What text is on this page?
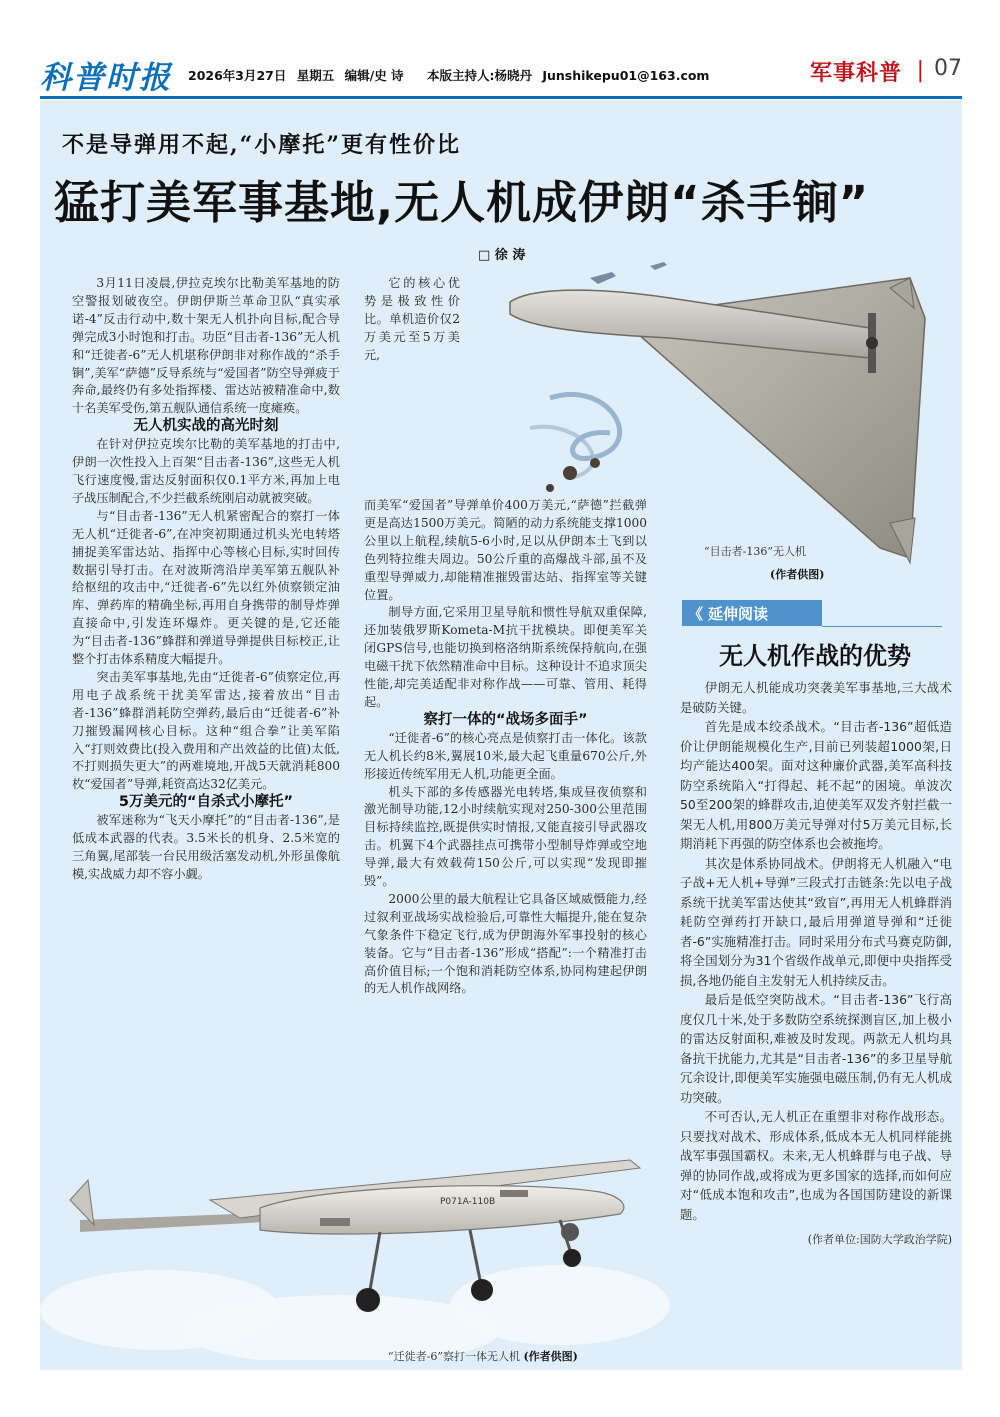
科普时报 2026年3月27日 星期五 编辑/史 诗 本版主持人:杨晓丹 Junshikepu01@163.com	军事科普 | 07
不是导弹用不起,“小摩托”更有性价比
猛打美军事基地,无人机成伊朗“杀手锏”
□ 徐 涛

3月11日凌晨,伊拉克埃尔比勒美军基地的防空警报划破夜空。伊朗伊斯兰革命卫队“真实承诺-4”反击行动中,数十架无人机扑向目标,配合导弹完成3小时饱和打击。功臣“目击者-136”无人机和“迁徙者-6”无人机堪称伊朗非对称作战的“杀手锏”,美军“萨德”反导系统与“爱国者”防空导弹疲于奔命,最终仍有多处指挥楼、雷达站被精准命中,数十名美军受伤,第五舰队通信系统一度瘫痪。

无人机实战的高光时刻

在针对伊拉克埃尔比勒的美军基地的打击中,伊朗一次性投入上百架“目击者-136”,这些无人机飞行速度慢,雷达反射面积仅0.1平方米,再加上电子战压制配合,不少拦截系统刚启动就被突破。

与“目击者-136”无人机紧密配合的察打一体无人机“迁徙者-6”,在冲突初期通过机头光电转塔捕捉美军雷达站、指挥中心等核心目标,实时回传数据引导打击。在对波斯湾沿岸美军第五舰队补给枢纽的攻击中,“迁徙者-6”先以红外侦察锁定油库、弹药库的精确坐标,再用自身携带的制导炸弹直接命中,引发连环爆炸。更关键的是,它还能为“目击者-136”蜂群和弹道导弹提供目标校正,让整个打击体系精度大幅提升。

突击美军事基地,先由“迁徙者-6”侦察定位,再用电子战系统干扰美军雷达,接着放出“目击者-136”蜂群消耗防空弹药,最后由“迁徙者-6”补刀摧毁漏网核心目标。这种“组合拳”让美军陷入“打则效费比(投入费用和产出效益的比值)太低,不打则损失更大”的两难境地,开战5天就消耗800枚“爱国者”导弹,耗资高达32亿美元。

5万美元的“自杀式小摩托”

被军迷称为“飞天小摩托”的“目击者-136”,是低成本武器的代表。3.5米长的机身、2.5米宽的三角翼,尾部装一台民用级活塞发动机,外形虽像航模,实战威力却不容小觑。

它的核心优势是极致性价比。单机造价仅2万美元至5万美元,

而美军“爱国者”导弹单价400万美元,“萨德”拦截弹更是高达1500万美元。简陋的动力系统能支撑1000公里以上航程,续航5-6小时,足以从伊朗本土飞到以色列特拉维夫周边。50公斤重的高爆战斗部,虽不及重型导弹威力,却能精准摧毁雷达站、指挥室等关键位置。

制导方面,它采用卫星导航和惯性导航双重保障,还加装俄罗斯Kometa-M抗干扰模块。即便美军关闭GPS信号,也能切换到格洛纳斯系统保持航向,在强电磁干扰下依然精准命中目标。这种设计不追求顶尖性能,却完美适配非对称作战——可靠、管用、耗得起。

察打一体的“战场多面手”

“迁徙者-6”的核心亮点是侦察打击一体化。该款无人机长约8米,翼展10米,最大起飞重量670公斤,外形接近传统军用无人机,功能更全面。

机头下部的多传感器光电转塔,集成昼夜侦察和激光制导功能,12小时续航实现对250-300公里范围目标持续监控,既提供实时情报,又能直接引导武器攻击。机翼下4个武器挂点可携带小型制导炸弹或空地导弹,最大有效载荷150公斤,可以实现“发现即摧毁”。

2000公里的最大航程让它具备区域威慑能力,经过叙利亚战场实战检验后,可靠性大幅提升,能在复杂气象条件下稳定飞行,成为伊朗海外军事投射的核心装备。它与“目击者-136”形成“搭配”:一个精准打击高价值目标;一个饱和消耗防空体系,协同构建起伊朗的无人机作战网络。

“目击者-136”无人机
(作者供图)
《 延伸阅读
无人机作战的优势

伊朗无人机能成功突袭美军事基地,三大战术是破防关键。

首先是成本绞杀战术。“目击者-136”超低造价让伊朗能规模化生产,目前已列装超1000架,日均产能达400架。面对这种廉价武器,美军高科技防空系统陷入“打得起、耗不起”的困境。单波次50至200架的蜂群攻击,迫使美军双发齐射拦截一架无人机,用800万美元导弹对付5万美元目标,长期消耗下再强的防空体系也会被拖垮。

其次是体系协同战术。伊朗将无人机融入“电子战+无人机+导弹”三段式打击链条:先以电子战系统干扰美军雷达使其“致盲”,再用无人机蜂群消耗防空弹药打开缺口,最后用弹道导弹和“迁徙者-6”实施精准打击。同时采用分布式马赛克防御,将全国划分为31个省级作战单元,即便中央指挥受损,各地仍能自主发射无人机持续反击。

最后是低空突防战术。“目击者-136”飞行高度仅几十米,处于多数防空系统探测盲区,加上极小的雷达反射面积,难被及时发现。两款无人机均具备抗干扰能力,尤其是“目击者-136”的多卫星导航冗余设计,即便美军实施强电磁压制,仍有无人机成功突破。

不可否认,无人机正在重塑非对称作战形态。只要找对战术、形成体系,低成本无人机同样能挑战军事强国霸权。未来,无人机蜂群与电子战、导弹的协同作战,或将成为更多国家的选择,而如何应对“低成本饱和攻击”,也成为各国国防建设的新课题。

(作者单位:国防大学政治学院)

P071A-110B
“迁徙者-6”察打一体无人机 (作者供图)
